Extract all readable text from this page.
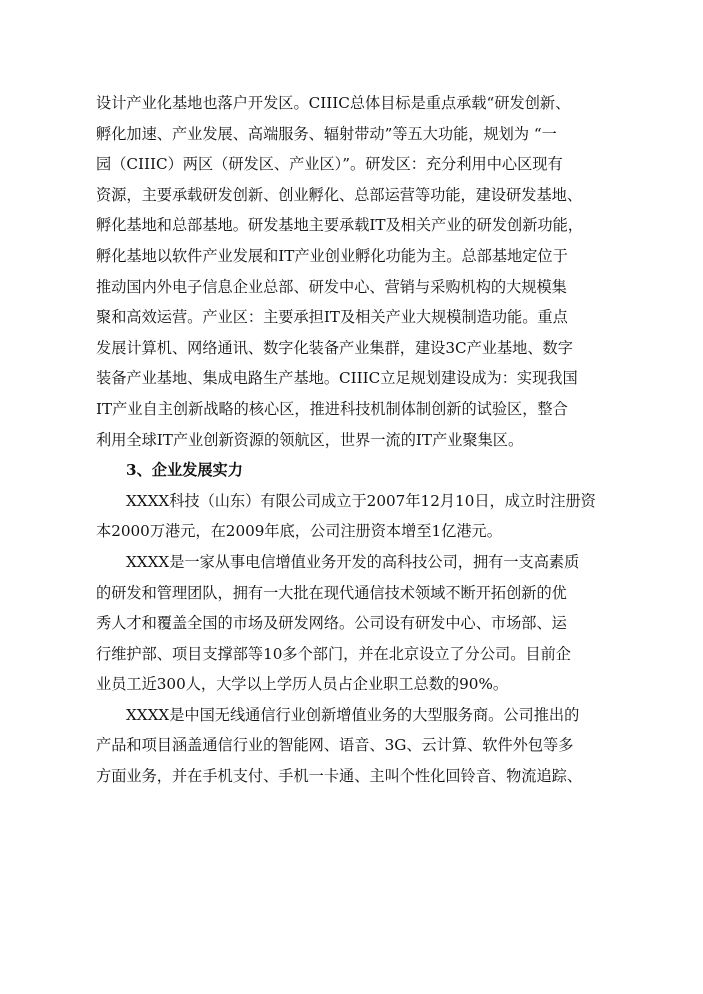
设计产业化基地也落户开发区。CIIIC总体目标是重点承载“研发创新、
孵化加速、产业发展、高端服务、辐射带动”等五大功能，规划为 “一
园（CIIIC）两区（研发区、产业区）”。研发区：充分利用中心区现有
资源，主要承载研发创新、创业孵化、总部运营等功能，建设研发基地、
孵化基地和总部基地。研发基地主要承载IT及相关产业的研发创新功能，
孵化基地以软件产业发展和IT产业创业孵化功能为主。总部基地定位于
推动国内外电子信息企业总部、研发中心、营销与采购机构的大规模集
聚和高效运营。产业区：主要承担IT及相关产业大规模制造功能。重点
发展计算机、网络通讯、数字化装备产业集群，建设3C产业基地、数字
装备产业基地、集成电路生产基地。CIIIC立足规划建设成为：实现我国
IT产业自主创新战略的核心区，推进科技机制体制创新的试验区，整合
利用全球IT产业创新资源的领航区，世界一流的IT产业聚集区。
3、企业发展实力
XXXX科技（山东）有限公司成立于2007年12月10日，成立时注册资
本2000万港元，在2009年底，公司注册资本增至1亿港元。
XXXX是一家从事电信增值业务开发的高科技公司，拥有一支高素质
的研发和管理团队，拥有一大批在现代通信技术领域不断开拓创新的优
秀人才和覆盖全国的市场及研发网络。公司设有研发中心、市场部、运
行维护部、项目支撑部等10多个部门，并在北京设立了分公司。目前企
业员工近300人，大学以上学历人员占企业职工总数的90%。
XXXX是中国无线通信行业创新增值业务的大型服务商。公司推出的
产品和项目涵盖通信行业的智能网、语音、3G、云计算、软件外包等多
方面业务，并在手机支付、手机一卡通、主叫个性化回铃音、物流追踪、
